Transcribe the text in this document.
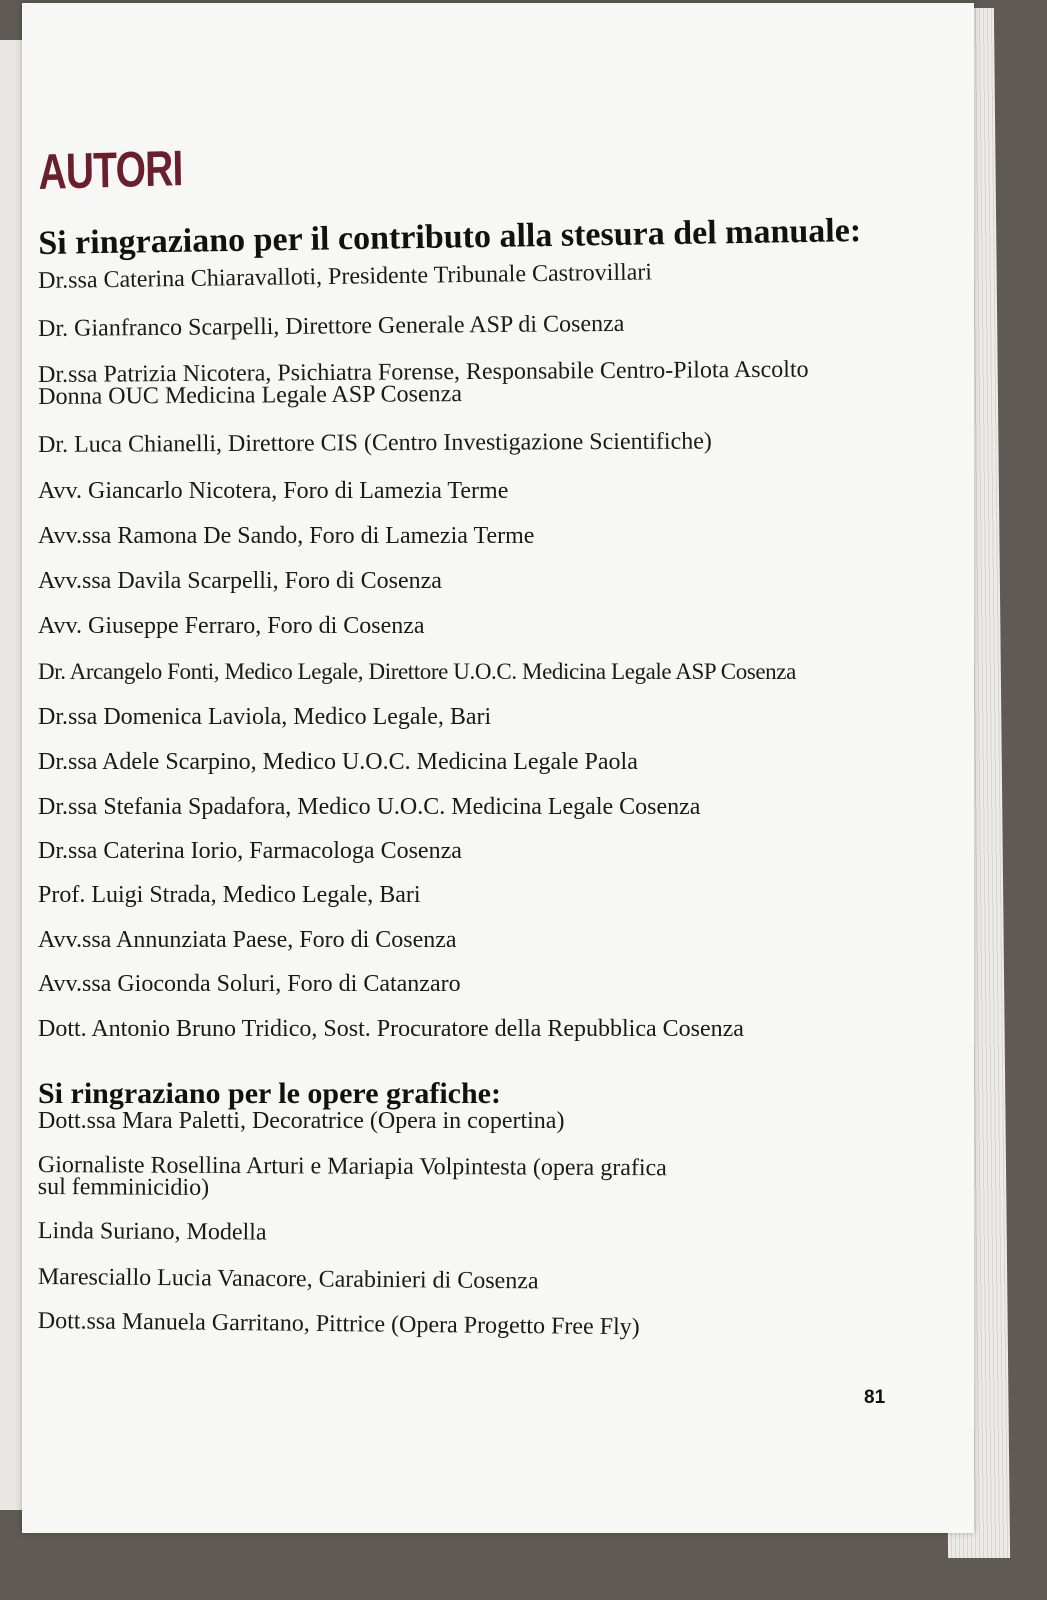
AUTORI
Si ringraziano per il contributo alla stesura del manuale:
Dr.ssa Caterina Chiaravalloti, Presidente Tribunale Castrovillari
Dr. Gianfranco Scarpelli, Direttore Generale ASP di Cosenza
Dr.ssa Patrizia Nicotera, Psichiatra Forense, Responsabile Centro-Pilota Ascolto
Donna OUC Medicina Legale ASP Cosenza
Dr. Luca Chianelli, Direttore CIS (Centro Investigazione Scientifiche)
Avv. Giancarlo Nicotera, Foro di Lamezia Terme
Avv.ssa Ramona De Sando, Foro di Lamezia Terme
Avv.ssa Davila Scarpelli, Foro di Cosenza
Avv. Giuseppe Ferraro, Foro di Cosenza
Dr. Arcangelo Fonti, Medico Legale, Direttore U.O.C. Medicina Legale ASP Cosenza
Dr.ssa Domenica Laviola, Medico Legale, Bari
Dr.ssa Adele Scarpino, Medico U.O.C. Medicina Legale Paola
Dr.ssa Stefania Spadafora, Medico U.O.C. Medicina Legale Cosenza
Dr.ssa Caterina Iorio, Farmacologa Cosenza
Prof. Luigi Strada, Medico Legale, Bari
Avv.ssa Annunziata Paese, Foro di Cosenza
Avv.ssa Gioconda Soluri, Foro di Catanzaro
Dott. Antonio Bruno Tridico, Sost. Procuratore della Repubblica Cosenza
Si ringraziano per le opere grafiche:
Dott.ssa Mara Paletti, Decoratrice (Opera in copertina)
Giornaliste Rosellina Arturi e Mariapia Volpintesta (opera grafica
sul femminicidio)
Linda Suriano, Modella
Maresciallo Lucia Vanacore, Carabinieri di Cosenza
Dott.ssa Manuela Garritano, Pittrice (Opera Progetto Free Fly)
81
